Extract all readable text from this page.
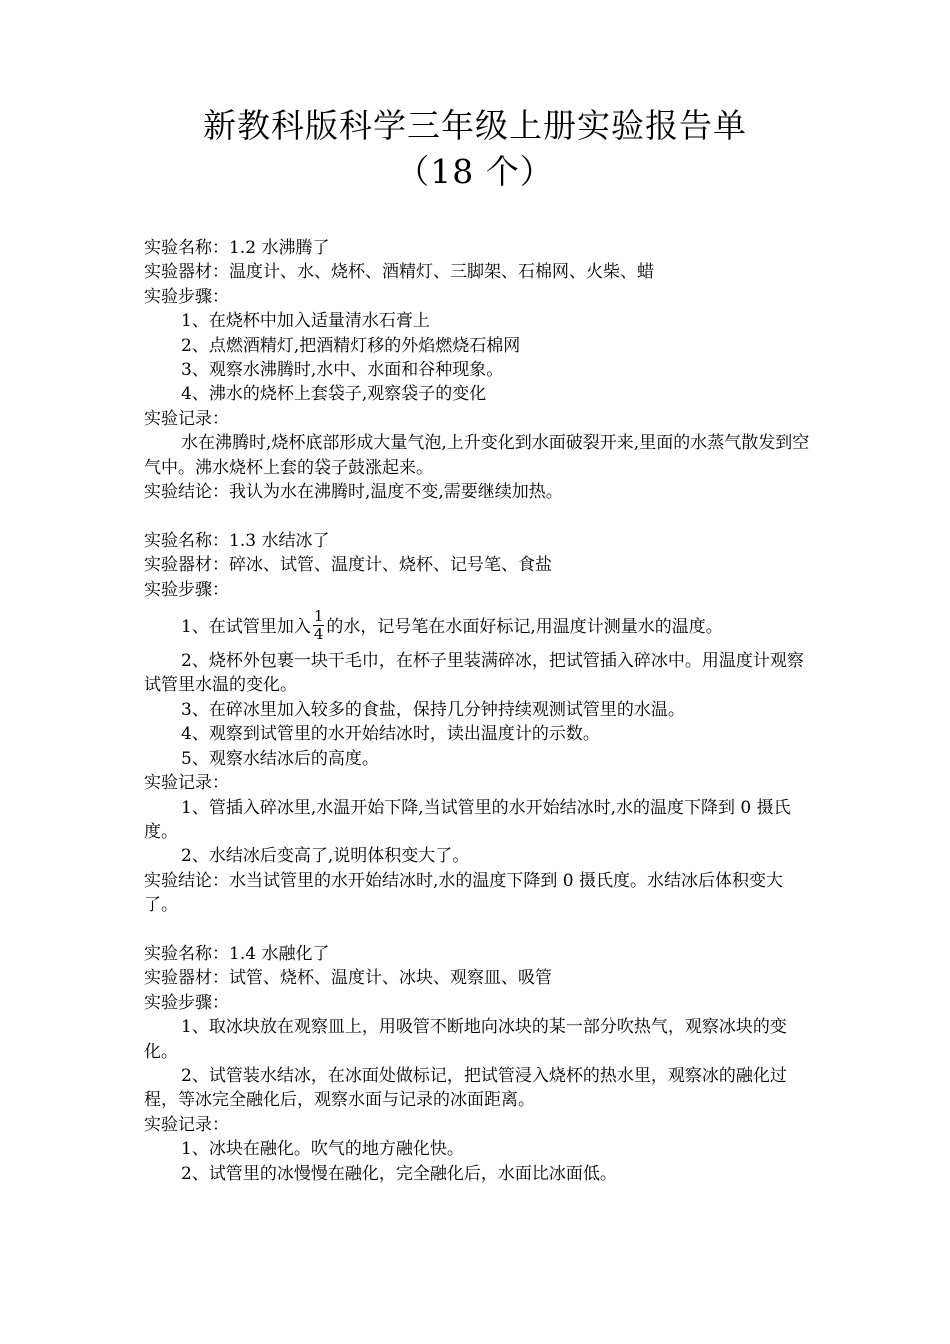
新教科版科学三年级上册实验报告单
（18 个）
实验名称：1.2 水沸腾了
实验器材：温度计、水、烧杯、酒精灯、三脚架、石棉网、火柴、蜡
实验步骤：
1、在烧杯中加入适量清水石膏上
2、点燃酒精灯,把酒精灯移的外焰燃烧石棉网
3、观察水沸腾时,水中、水面和谷种现象。
4、沸水的烧杯上套袋子,观察袋子的变化
实验记录：
水在沸腾时,烧杯底部形成大量气泡,上升变化到水面破裂开来,里面的水蒸气散发到空气中。沸水烧杯上套的袋子鼓涨起来。
实验结论：我认为水在沸腾时,温度不变,需要继续加热。
实验名称：1.3 水结冰了
实验器材：碎冰、试管、温度计、烧杯、记号笔、食盐
实验步骤：
1、在试管里加入 $\frac{1}{4}$ 的水，记号笔在水面好标记,用温度计测量水的温度。
2、烧杯外包裹一块干毛巾，在杯子里装满碎冰，把试管插入碎冰中。用温度计观察试管里水温的变化。
3、在碎冰里加入较多的食盐，保持几分钟持续观测试管里的水温。
4、观察到试管里的水开始结冰时，读出温度计的示数。
5、观察水结冰后的高度。
实验记录：
1、管插入碎冰里,水温开始下降,当试管里的水开始结冰时,水的温度下降到 0 摄氏度。
2、水结冰后变高了,说明体积变大了。
实验结论：水当试管里的水开始结冰时,水的温度下降到 0 摄氏度。水结冰后体积变大了。
实验名称：1.4 水融化了
实验器材：试管、烧杯、温度计、冰块、观察皿、吸管
实验步骤：
1、取冰块放在观察皿上，用吸管不断地向冰块的某一部分吹热气，观察冰块的变化。
2、试管装水结冰，在冰面处做标记，把试管浸入烧杯的热水里，观察冰的融化过程，等冰完全融化后，观察水面与记录的冰面距离。
实验记录：
1、冰块在融化。吹气的地方融化快。
2、试管里的冰慢慢在融化，完全融化后，水面比冰面低。
